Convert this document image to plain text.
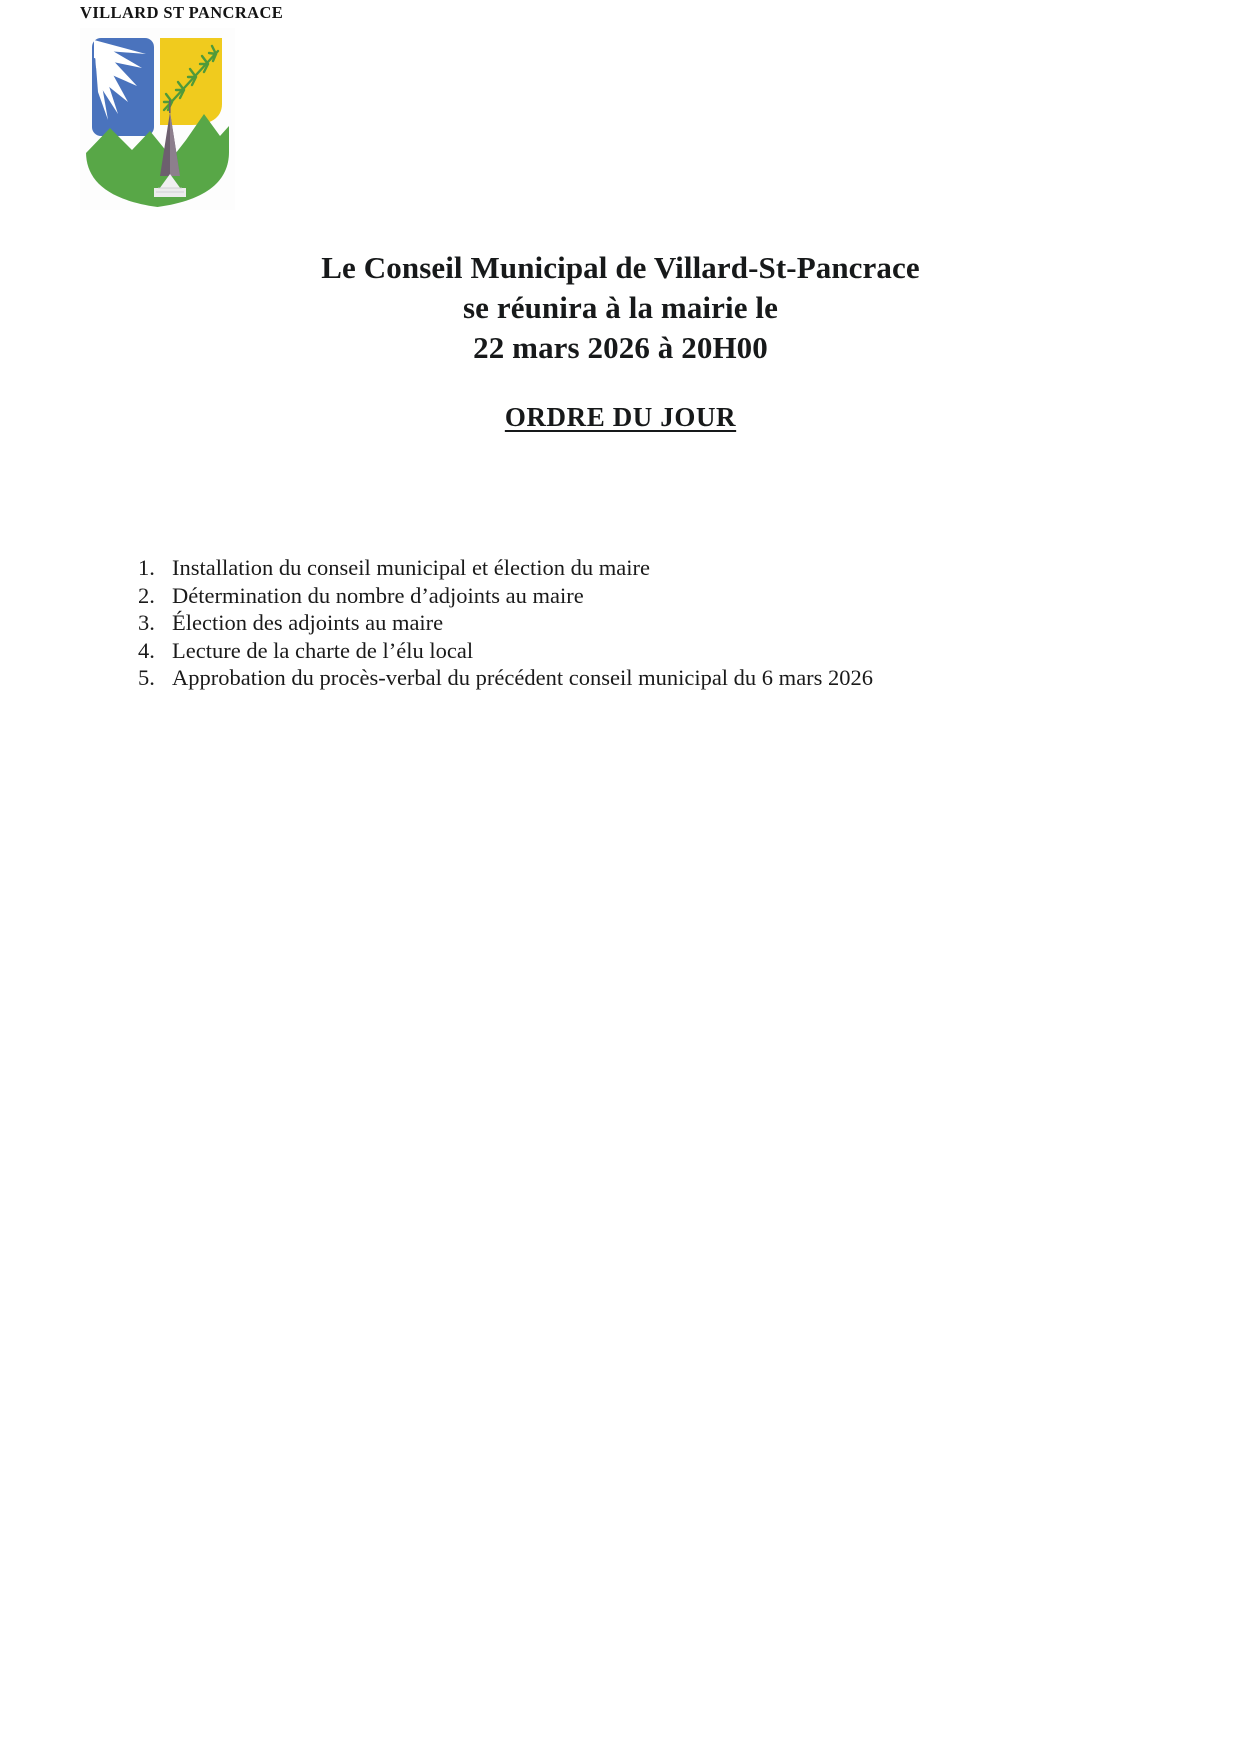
VILLARD ST PANCRACE
Le Conseil Municipal de Villard-St-Pancrace
se réunira à la mairie le
22 mars 2026 à 20H00
ORDRE DU JOUR
1. Installation du conseil municipal et élection du maire
2. Détermination du nombre d’adjoints au maire
3. Élection des adjoints au maire
4. Lecture de la charte de l’élu local
5. Approbation du procès-verbal du précédent conseil municipal du 6 mars 2026
